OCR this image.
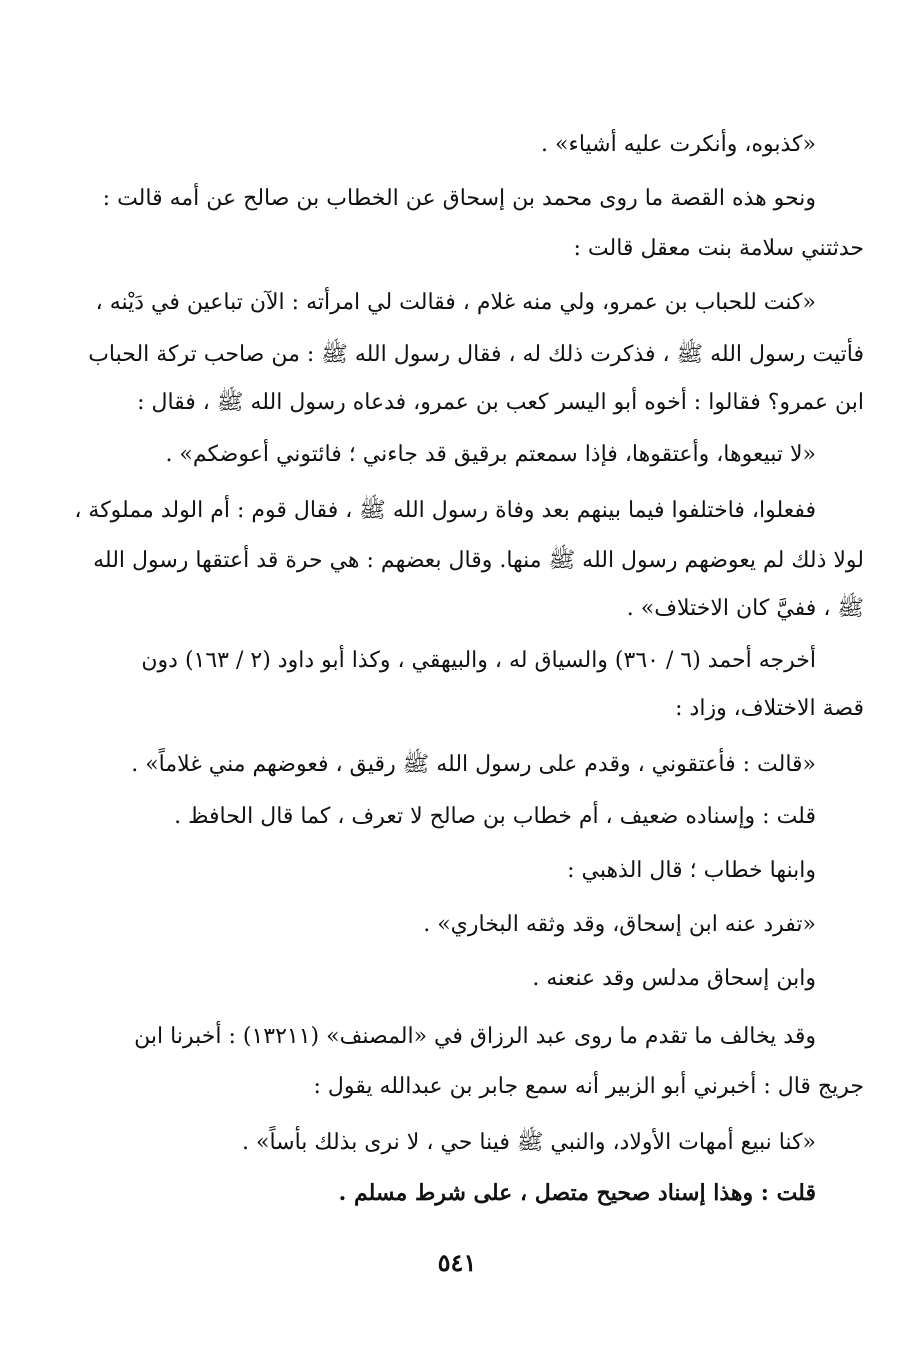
«كذبوه، وأنكرت عليه أشياء» .
ونحو هذه القصة ما روى محمد بن إسحاق عن الخطاب بن صالح عن أمه قالت :
حدثتني سلامة بنت معقل قالت :
«كنت للحباب بن عمرو، ولي منه غلام ، فقالت لي امرأته : الآن تباعين في دَيْنه ،
فأتيت رسول الله ﷺ ، فذكرت ذلك له ، فقال رسول الله ﷺ : من صاحب تركة الحباب
ابن عمرو؟ فقالوا : أخوه أبو اليسر كعب بن عمرو، فدعاه رسول الله ﷺ ، فقال :
«لا تبيعوها، وأعتقوها، فإذا سمعتم برقيق قد جاءني ؛ فائتوني أعوضكم» .
ففعلوا، فاختلفوا فيما بينهم بعد وفاة رسول الله ﷺ ، فقال قوم : أم الولد مملوكة ،
لولا ذلك لم يعوضهم رسول الله ﷺ منها. وقال بعضهم : هي حرة قد أعتقها رسول الله
ﷺ ، ففيَّ كان الاختلاف» .
أخرجه أحمد (٦ / ٣٦٠) والسياق له ، والبيهقي ، وكذا أبو داود (٢ / ١٦٣) دون
قصة الاختلاف، وزاد :
«قالت : فأعتقوني ، وقدم على رسول الله ﷺ رقيق ، فعوضهم مني غلاماً» .
قلت : وإسناده ضعيف ، أم خطاب بن صالح لا تعرف ، كما قال الحافظ .
وابنها خطاب ؛ قال الذهبي :
«تفرد عنه ابن إسحاق، وقد وثقه البخاري» .
وابن إسحاق مدلس وقد عنعنه .
وقد يخالف ما تقدم ما روى عبد الرزاق في «المصنف» (١٣٢١١) : أخبرنا ابن
جريج قال : أخبرني أبو الزبير أنه سمع جابر بن عبدالله يقول :
«كنا نبيع أمهات الأولاد، والنبي ﷺ فينا حي ، لا نرى بذلك بأساً» .
قلت : وهذا إسناد صحيح متصل ، على شرط مسلم .
٥٤١
